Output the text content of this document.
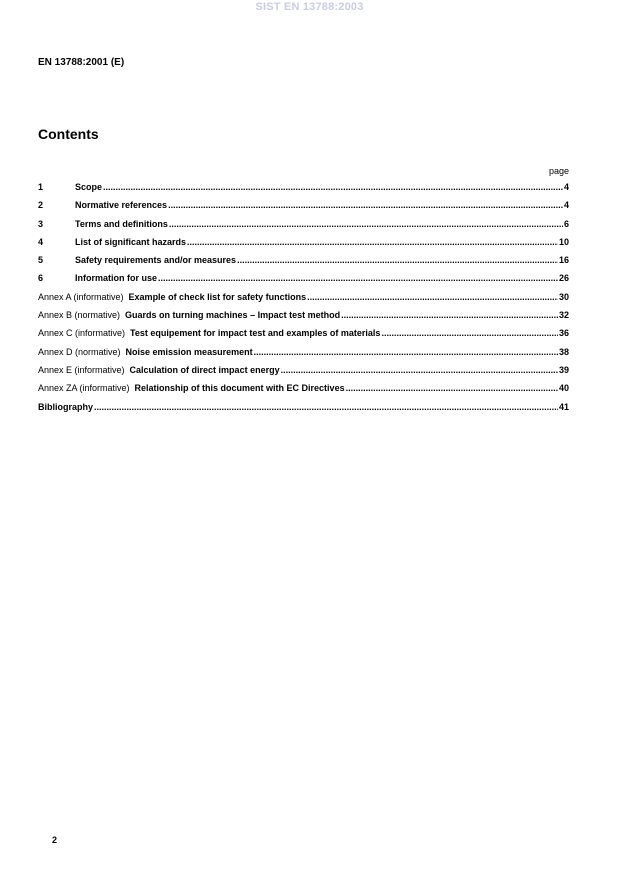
SIST EN 13788:2003
EN 13788:2001 (E)
Contents
page
1	Scope .....	4
2	Normative references .....	4
3	Terms and definitions .....	6
4	List of significant hazards .....	10
5	Safety requirements and/or measures .....	16
6	Information for use .....	26
Annex A (informative) Example of check list for safety functions .....	30
Annex B (normative) Guards on turning machines – Impact test method .....	32
Annex C (informative) Test equipement for impact test and examples of materials .....	36
Annex D (normative) Noise emission measurement .....	38
Annex E (informative) Calculation of direct impact energy .....	39
Annex ZA (informative) Relationship of this document with EC Directives .....	40
Bibliography .....	41
2
